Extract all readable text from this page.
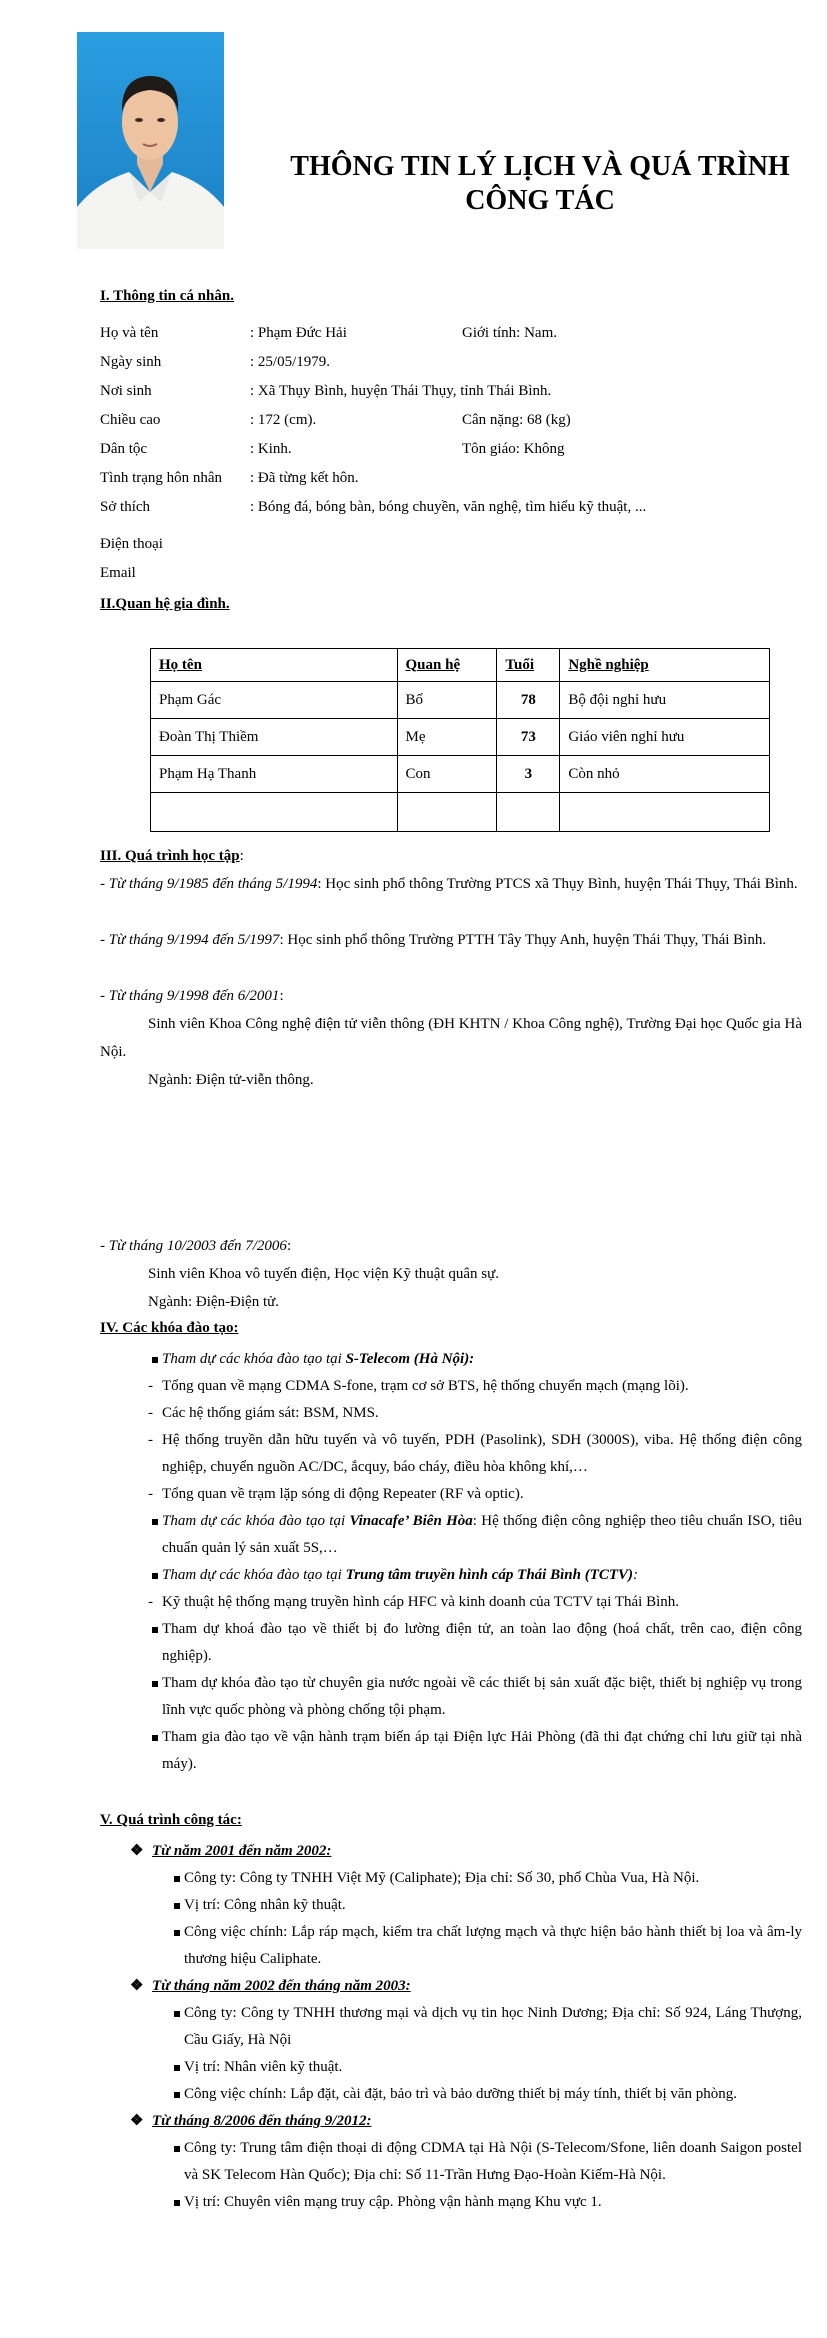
THÔNG TIN LÝ LỊCH VÀ QUÁ TRÌNH
CÔNG TÁC
I. Thông tin cá nhân.
Họ và tên	: Phạm Đức Hải	Giới tính: Nam.
Ngày sinh	: 25/05/1979.
Nơi sinh	: Xã Thụy Bình, huyện Thái Thụy, tỉnh Thái Bình.
Chiều cao	: 172 (cm).	Cân nặng: 68 (kg)
Dân tộc	: Kinh.	Tôn giáo: Không
Tình trạng hôn nhân : Đã từng kết hôn.
Sở thích	: Bóng đá, bóng bàn, bóng chuyền, văn nghệ, tìm hiểu kỹ thuật, ...
Điện thoại
Email
II.Quan hệ gia đình.
Họ tên	Quan hệ	Tuổi	Nghề nghiệp
Phạm Gác	Bố	78	Bộ đội nghỉ hưu
Đoàn Thị Thiềm	Mẹ	73	Giáo viên nghỉ hưu
Phạm Hạ Thanh	Con	3	Còn nhỏ

III. Quá trình học tập:
- Từ tháng 9/1985 đến tháng 5/1994: Học sinh phổ thông Trường PTCS xã Thụy Bình, huyện Thái Thụy, Thái Bình.
- Từ tháng 9/1994 đến 5/1997: Học sinh phổ thông Trường PTTH Tây Thụy Anh, huyện Thái Thụy, Thái Bình.
- Từ tháng 9/1998 đến 6/2001:
Sinh viên Khoa Công nghệ điện tử viễn thông (ĐH KHTN / Khoa Công nghệ), Trường Đại học Quốc gia Hà Nội.
Ngành: Điện tử-viễn thông.
- Từ tháng 10/2003 đến 7/2006:
Sinh viên Khoa vô tuyến điện, Học viện Kỹ thuật quân sự.
Ngành: Điện-Điện tử.
IV. Các khóa đào tạo:
Tham dự các khóa đào tạo tại S-Telecom (Hà Nội):
- Tổng quan về mạng CDMA S-fone, trạm cơ sở BTS, hệ thống chuyển mạch (mạng lõi).
- Các hệ thống giám sát: BSM, NMS.
- Hệ thống truyền dẫn hữu tuyến và vô tuyến, PDH (Pasolink), SDH (3000S), viba. Hệ thống điện công nghiệp, chuyển nguồn AC/DC, ắcquy, báo cháy, điều hòa không khí,…
- Tổng quan về trạm lặp sóng di động Repeater (RF và optic).
Tham dự các khóa đào tạo tại Vinacafe’ Biên Hòa: Hệ thống điện công nghiệp theo tiêu chuẩn ISO, tiêu chuẩn quản lý sản xuất 5S,…
Tham dự các khóa đào tạo tại Trung tâm truyền hình cáp Thái Bình (TCTV):
- Kỹ thuật hệ thống mạng truyền hình cáp HFC và kinh doanh của TCTV tại Thái Bình.
Tham dự khoá đào tạo về thiết bị đo lường điện tử, an toàn lao động (hoá chất, trên cao, điện công nghiệp).
Tham dự khóa đào tạo từ chuyên gia nước ngoài về các thiết bị sản xuất đặc biệt, thiết bị nghiệp vụ trong lĩnh vực quốc phòng và phòng chống tội phạm.
Tham gia đào tạo về vận hành trạm biến áp tại Điện lực Hải Phòng (đã thi đạt chứng chỉ lưu giữ tại nhà máy).
V. Quá trình công tác:
❖ Từ năm 2001 đến năm 2002:
Công ty: Công ty TNHH Việt Mỹ (Caliphate); Địa chỉ: Số 30, phố Chùa Vua, Hà Nội.
Vị trí: Công nhân kỹ thuật.
Công việc chính: Lắp ráp mạch, kiểm tra chất lượng mạch và thực hiện bảo hành thiết bị loa và âm-ly thương hiệu Caliphate.
❖ Từ tháng năm 2002 đến tháng năm 2003:
Công ty: Công ty TNHH thương mại và dịch vụ tin học Ninh Dương; Địa chỉ: Số 924, Láng Thượng, Cầu Giấy, Hà Nội
Vị trí: Nhân viên kỹ thuật.
Công việc chính: Lắp đặt, cài đặt, bảo trì và bảo dưỡng thiết bị máy tính, thiết bị văn phòng.
❖ Từ tháng 8/2006 đến tháng 9/2012:
Công ty: Trung tâm điện thoại di động CDMA tại Hà Nội (S-Telecom/Sfone, liên doanh Saigon postel và SK Telecom Hàn Quốc); Địa chỉ: Số 11-Trần Hưng Đạo-Hoàn Kiếm-Hà Nội.
Vị trí: Chuyên viên mạng truy cập. Phòng vận hành mạng Khu vực 1.
